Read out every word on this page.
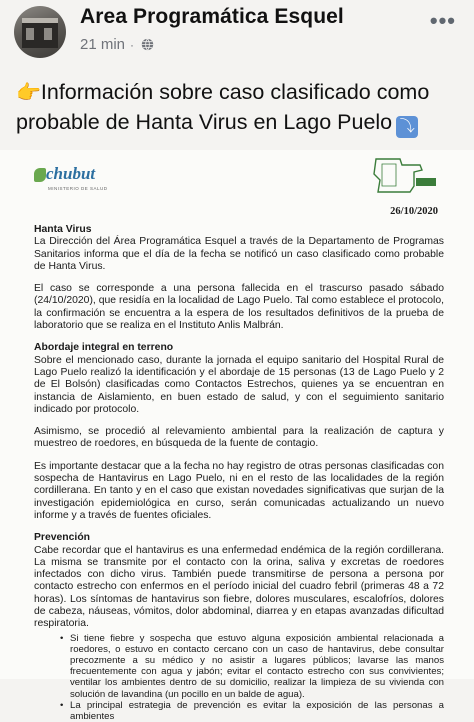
Area Programática Esquel
21 min ·
•••
👉Información sobre caso clasificado como probable de Hanta Virus en Lago Puelo ⤵
chubut
MINISTERIO DE SALUD
26/10/2020
Hanta Virus

La Dirección del Área Programática Esquel a través de la Departamento de Programas Sanitarios informa que el día de la fecha se notificó un caso clasificado como probable de Hanta Virus.

El caso se corresponde a una persona fallecida en el trascurso pasado sábado (24/10/2020), que residía en la localidad de Lago Puelo. Tal como establece el protocolo, la confirmación se encuentra a la espera de los resultados definitivos de la prueba de laboratorio que se realiza en el Instituto Anlis Malbrán.

Abordaje integral en terreno

Sobre el mencionado caso, durante la jornada el equipo sanitario del Hospital Rural de Lago Puelo realizó la identificación y el abordaje de 15 personas (13 de Lago Puelo y 2 de El Bolsón) clasificadas como Contactos Estrechos, quienes ya se encuentran en instancia de Aislamiento, en buen estado de salud, y con el seguimiento sanitario indicado por protocolo.

Asimismo, se procedió al relevamiento ambiental para la realización de captura y muestreo de roedores, en búsqueda de la fuente de contagio.

Es importante destacar que a la fecha no hay registro de otras personas clasificadas con sospecha de Hantavirus en Lago Puelo, ni en el resto de las localidades de la región cordillerana. En tanto y en el caso que existan novedades significativas que surjan de la investigación epidemiológica en curso, serán comunicadas actualizando un nuevo informe y a través de fuentes oficiales.

Prevención

Cabe recordar que el hantavirus es una enfermedad endémica de la región cordillerana. La misma se transmite por el contacto con la orina, saliva y excretas de roedores infectados con dicho virus. También puede transmitirse de persona a persona por contacto estrecho con enfermos en el período inicial del cuadro febril (primeras 48 a 72 horas). Los síntomas de hantavirus son fiebre, dolores musculares, escalofríos, dolores de cabeza, náuseas, vómitos, dolor abdominal, diarrea y en etapas avanzadas dificultad respiratoria.

• Si tiene fiebre y sospecha que estuvo alguna exposición ambiental relacionada a roedores, o estuvo en contacto cercano con un caso de hantavirus, debe consultar precozmente a su médico y no asistir a lugares públicos; lavarse las manos frecuentemente con agua y jabón; evitar el contacto estrecho con sus convivientes; ventilar los ambientes dentro de su domicilio, realizar la limpieza de su vivienda con solución de lavandina (un pocillo en un balde de agua).
• La principal estrategia de prevención es evitar la exposición de las personas a ambientes
